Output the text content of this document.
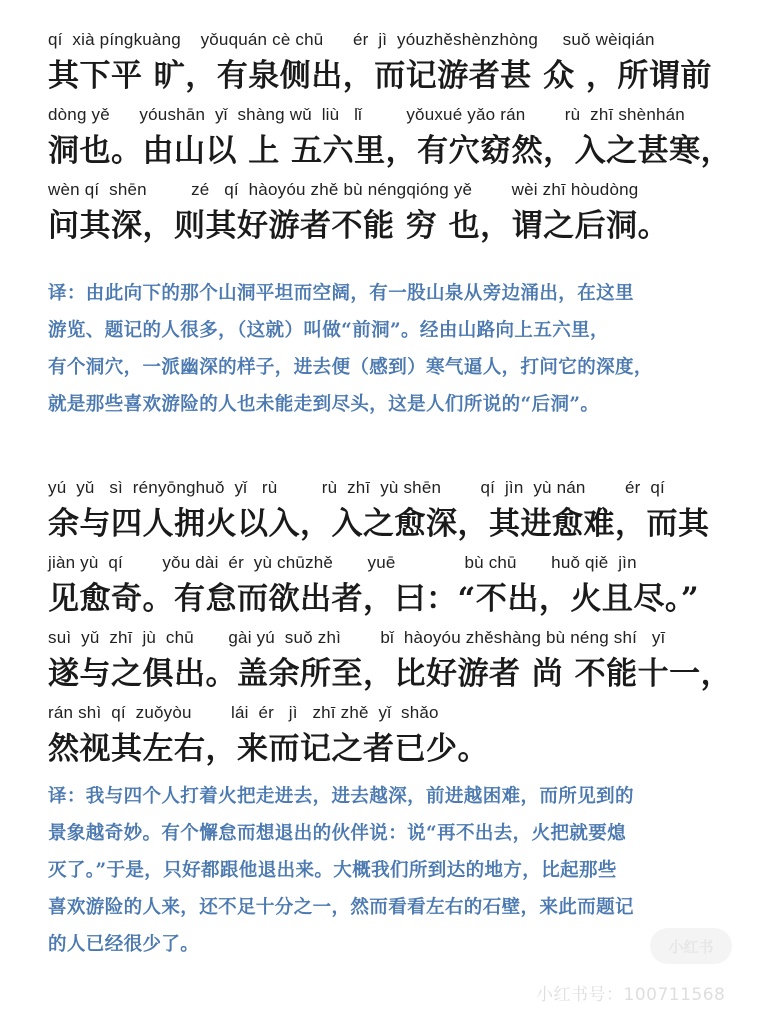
qí  xià píngkuàng    yǒuquán cè chū      ér  jì  yóuzhěshènzhòng     suǒ wèiqián
其下平 旷，有泉侧出，而记游者甚 众 ，所谓前
dòng yě      yóushān  yǐ  shàng wǔ  liù   lǐ         yǒuxué yǎo rán        rù  zhī shènhán
洞也。由山以 上 五六里，有穴窈然，入之甚寒，
wèn qí  shēn         zé   qí  hàoyóu zhě bù néngqióng yě        wèi zhī hòudòng
问其深，则其好游者不能 穷 也，谓之后洞。

译：由此向下的那个山洞平坦而空阔，有一股山泉从旁边涌出，在这里

游览、题记的人很多，（这就）叫做“前洞”。经由山路向上五六里，

有个洞穴，一派幽深的样子，进去便（感到）寒气逼人，打问它的深度，

就是那些喜欢游险的人也未能走到尽头，这是人们所说的“后洞”。

yú  yǔ   sì  rényōnghuǒ  yǐ   rù         rù  zhī  yù shēn        qí  jìn  yù nán        ér  qí
余与四人拥火以入，入之愈深，其进愈难，而其
jiàn yù  qí        yǒu dài  ér  yù chūzhě       yuē              bù chū       huǒ qiě  jìn
见愈奇。有怠而欲出者，曰：“不出，火且尽。”
suì  yǔ  zhī  jù  chū       gài yú  suǒ zhì        bǐ  hàoyóu zhěshàng bù néng shí   yī
遂与之俱出。盖余所至，比好游者 尚 不能十一，
rán shì  qí  zuǒyòu        lái  ér   jì   zhī zhě  yǐ  shǎo
然视其左右，来而记之者已少。

译：我与四个人打着火把走进去，进去越深，前进越困难，而所见到的

景象越奇妙。有个懈怠而想退出的伙伴说：说“再不出去，火把就要熄

灭了。”于是，只好都跟他退出来。大概我们所到达的地方，比起那些

喜欢游险的人来，还不足十分之一，然而看看左右的石壁，来此而题记

的人已经很少了。	小红书
小红书号：100711568
